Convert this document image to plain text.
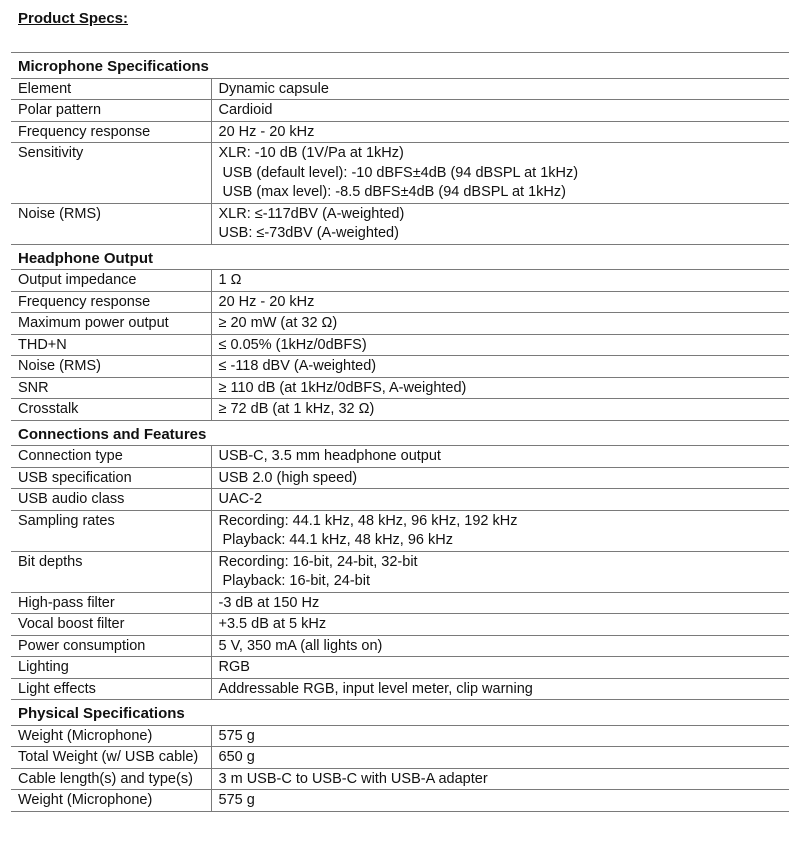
Product Specs:
Microphone Specifications	
Element	Dynamic capsule

Polar pattern	Cardioid

Frequency response	20 Hz - 20 kHz

Sensitivity	XLR: -10 dB (1V/Pa at 1kHz)
USB (default level): -10 dBFS±4dB (94 dBSPL at 1kHz)
USB (max level): -8.5 dBFS±4dB (94 dBSPL at 1kHz)

Noise (RMS)	XLR: ≤-117dBV (A-weighted)
USB: ≤-73dBV (A-weighted)

Headphone Output	
Output impedance	1 Ω

Frequency response	20 Hz - 20 kHz

Maximum power output	≥ 20 mW (at 32 Ω)

THD+N	≤ 0.05% (1kHz/0dBFS)

Noise (RMS)	≤ -118 dBV (A-weighted)

SNR	≥ 110 dB (at 1kHz/0dBFS, A-weighted)

Crosstalk	≥ 72 dB (at 1 kHz, 32 Ω)

Connections and Features	
Connection type	USB-C, 3.5 mm headphone output

USB specification	USB 2.0 (high speed)

USB audio class	UAC-2

Sampling rates	Recording: 44.1 kHz, 48 kHz, 96 kHz, 192 kHz
Playback: 44.1 kHz, 48 kHz, 96 kHz

Bit depths	Recording: 16-bit, 24-bit, 32-bit
Playback: 16-bit, 24-bit

High-pass filter	-3 dB at 150 Hz

Vocal boost filter	+3.5 dB at 5 kHz

Power consumption	5 V, 350 mA (all lights on)

Lighting	RGB

Light effects	Addressable RGB, input level meter, clip warning

Physical Specifications	
Weight (Microphone)	575 g

Total Weight (w/ USB cable)	650 g

Cable length(s) and type(s)	3 m USB-C to USB-C with USB-A adapter

Weight (Microphone)	575 g
